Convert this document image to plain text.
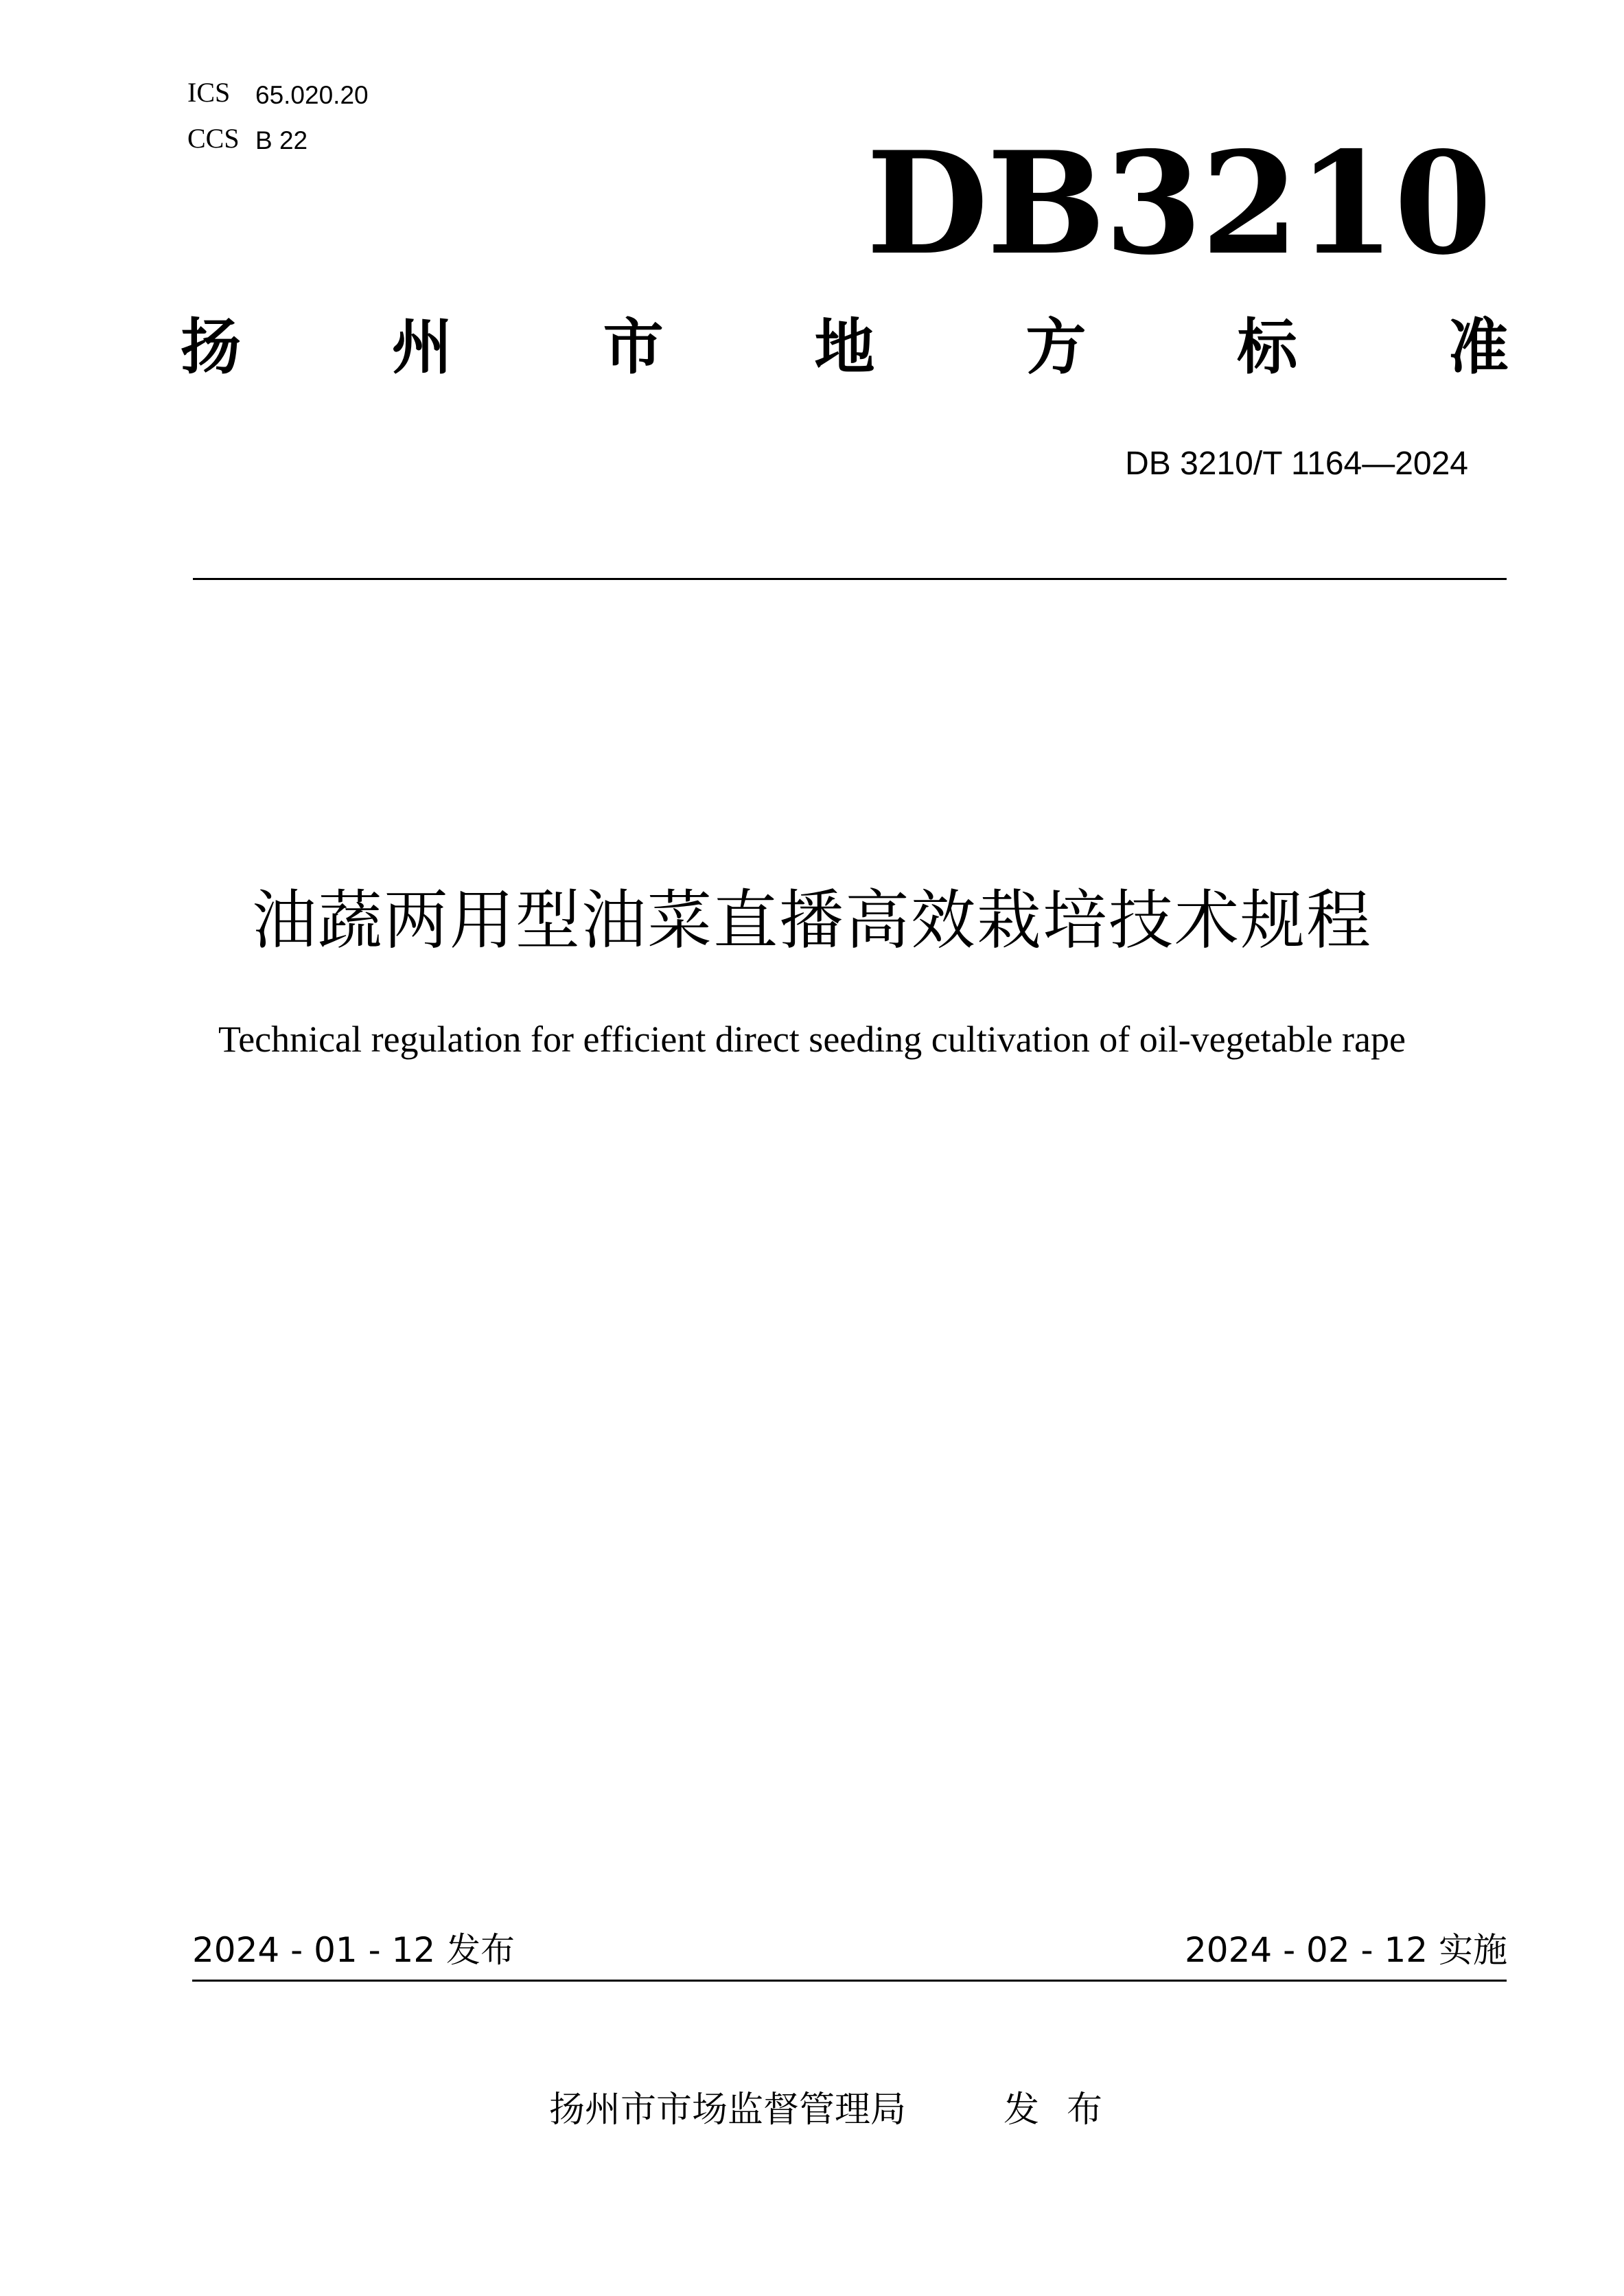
ICS 65.020.20
CCS B 22	DB3210
扬 州 市 地 方 标 准
DB 3210/T 1164—2024
油蔬两用型油菜直播高效栽培技术规程
Technical regulation for efficient direct seeding cultivation of oil-vegetable rape
2024 - 01 - 12 发布	2024 - 02 - 12 实施
扬州市市场监督管理局	发布
